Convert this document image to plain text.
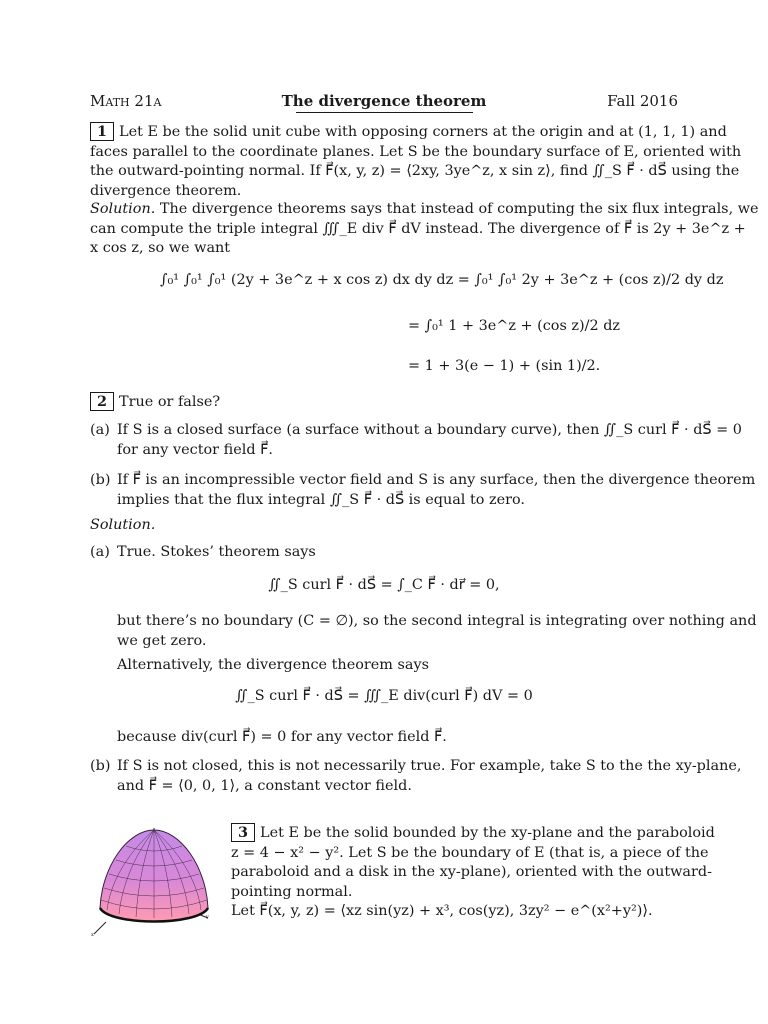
Math 21a	The divergence theorem	Fall 2016
1 Let E be the solid unit cube with opposing corners at the origin and at (1, 1, 1) and
faces parallel to the coordinate planes. Let S be the boundary surface of E, oriented with
the outward-pointing normal. If F⃗(x, y, z) = ⟨2xy, 3ye^z, x sin z⟩, find ∬_S F⃗ · dS⃗ using the
divergence theorem.
Solution. The divergence theorems says that instead of computing the six flux integrals, we
can compute the triple integral ∭_E div F⃗ dV instead. The divergence of F⃗ is 2y + 3e^z +
x cos z, so we want
∫₀¹ ∫₀¹ ∫₀¹ (2y + 3e^z + x cos z) dx dy dz = ∫₀¹ ∫₀¹ 2y + 3e^z + (cos z)/2 dy dz
= ∫₀¹ 1 + 3e^z + (cos z)/2 dz
= 1 + 3(e − 1) + (sin 1)/2.
2 True or false?
(a) If S is a closed surface (a surface without a boundary curve), then ∬_S curl F⃗ · dS⃗ = 0
for any vector field F⃗.
(b) If F⃗ is an incompressible vector field and S is any surface, then the divergence theorem
implies that the flux integral ∬_S F⃗ · dS⃗ is equal to zero.
Solution.
(a) True. Stokes’ theorem says
∬_S curl F⃗ · dS⃗ = ∫_C F⃗ · dr⃗ = 0,
but there’s no boundary (C = ∅), so the second integral is integrating over nothing and
we get zero.
Alternatively, the divergence theorem says
∬_S curl F⃗ · dS⃗ = ∭_E div(curl F⃗) dV = 0
because div(curl F⃗) = 0 for any vector field F⃗.
(b) If S is not closed, this is not necessarily true. For example, take S to the the xy-plane,
and F⃗ = ⟨0, 0, 1⟩, a constant vector field.
y
x
3 Let E be the solid bounded by the xy-plane and the paraboloid
z = 4 − x² − y². Let S be the boundary of E (that is, a piece of the
paraboloid and a disk in the xy-plane), oriented with the outward-
pointing normal.
Let F⃗(x, y, z) = ⟨xz sin(yz) + x³, cos(yz), 3zy² − e^(x²+y²)⟩.
